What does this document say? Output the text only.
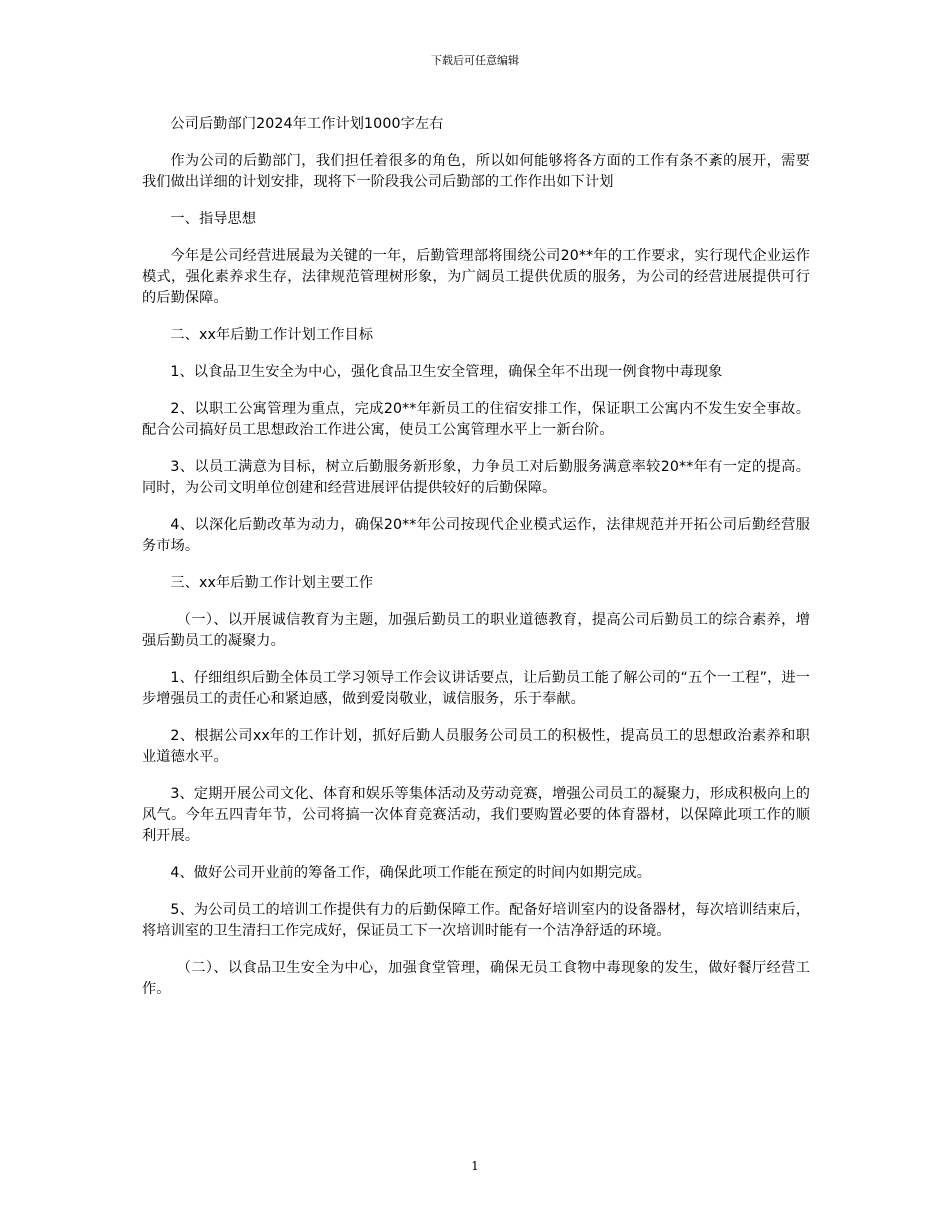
下载后可任意编辑

公司后勤部门2024年工作计划1000字左右

作为公司的后勤部门，我们担任着很多的角色，所以如何能够将各方面的工作有条不紊的展开，需要我们做出详细的计划安排，现将下一阶段我公司后勤部的工作作出如下计划

一、指导思想

今年是公司经营进展最为关键的一年，后勤管理部将围绕公司20**年的工作要求，实行现代企业运作模式，强化素养求生存，法律规范管理树形象，为广阔员工提供优质的服务，为公司的经营进展提供可行的后勤保障。

二、xx年后勤工作计划工作目标

1、以食品卫生安全为中心，强化食品卫生安全管理，确保全年不出现一例食物中毒现象

2、以职工公寓管理为重点，完成20**年新员工的住宿安排工作，保证职工公寓内不发生安全事故。配合公司搞好员工思想政治工作进公寓，使员工公寓管理水平上一新台阶。

3、以员工满意为目标，树立后勤服务新形象，力争员工对后勤服务满意率较20**年有一定的提高。同时，为公司文明单位创建和经营进展评估提供较好的后勤保障。

4、以深化后勤改革为动力，确保20**年公司按现代企业模式运作，法律规范并开拓公司后勤经营服务市场。

三、xx年后勤工作计划主要工作

（一）、以开展诚信教育为主题，加强后勤员工的职业道德教育，提高公司后勤员工的综合素养，增强后勤员工的凝聚力。

1、仔细组织后勤全体员工学习领导工作会议讲话要点，让后勤员工能了解公司的“五个一工程”，进一步增强员工的责任心和紧迫感，做到爱岗敬业，诚信服务，乐于奉献。

2、根据公司xx年的工作计划，抓好后勤人员服务公司员工的积极性，提高员工的思想政治素养和职业道德水平。

3、定期开展公司文化、体育和娱乐等集体活动及劳动竞赛，增强公司员工的凝聚力，形成积极向上的风气。今年五四青年节，公司将搞一次体育竞赛活动，我们要购置必要的体育器材，以保障此项工作的顺利开展。

4、做好公司开业前的筹备工作，确保此项工作能在预定的时间内如期完成。

5、为公司员工的培训工作提供有力的后勤保障工作。配备好培训室内的设备器材，每次培训结束后，将培训室的卫生清扫工作完成好，保证员工下一次培训时能有一个洁净舒适的环境。

（二）、以食品卫生安全为中心，加强食堂管理，确保无员工食物中毒现象的发生，做好餐厅经营工作。

1
